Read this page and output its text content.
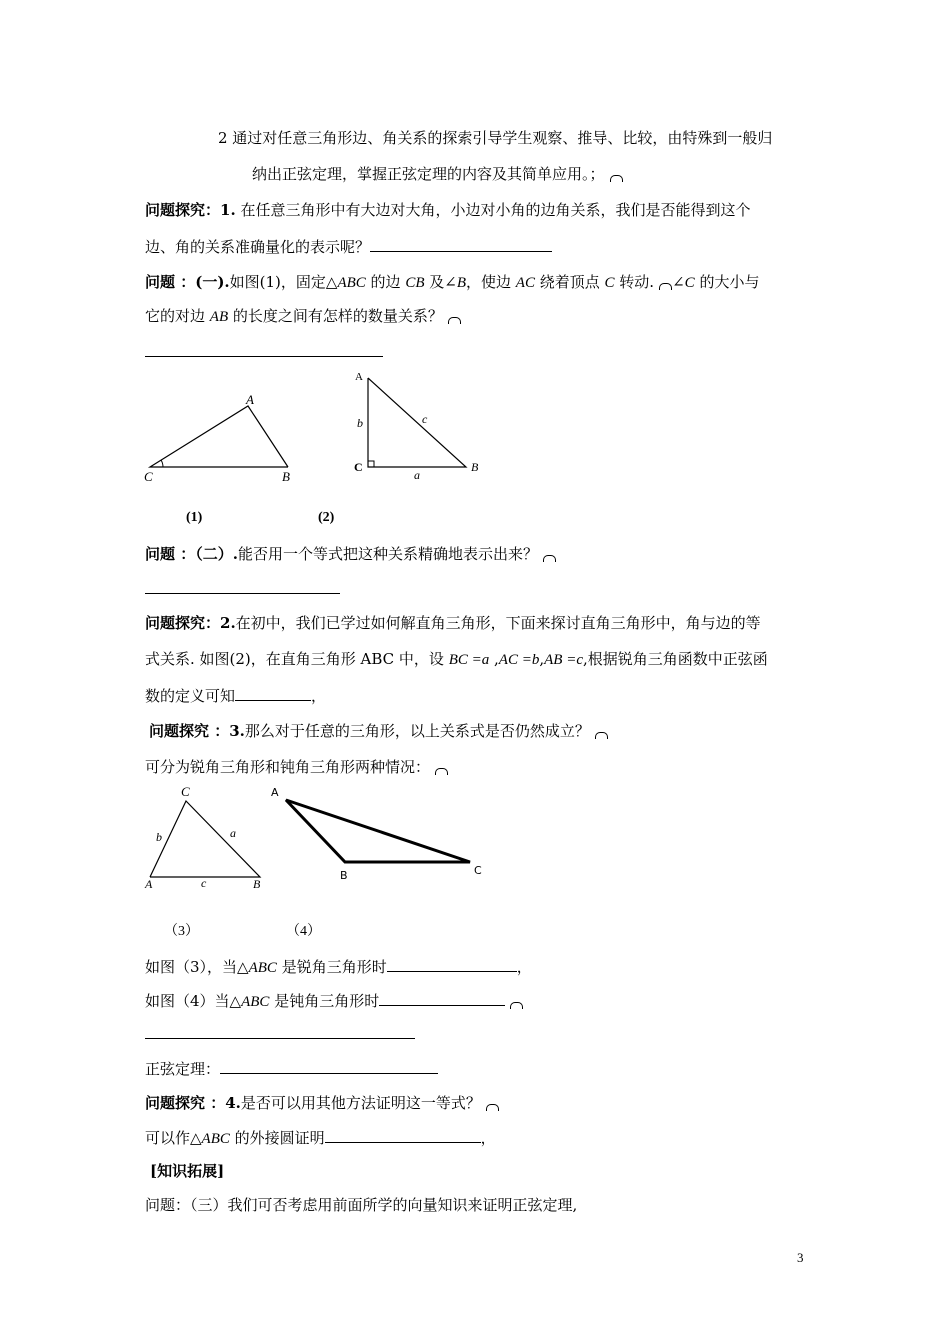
2 通过对任意三角形边、角关系的探索引导学生观察、推导、比较，由特殊到一般归
纳出正弦定理，掌握正弦定理的内容及其简单应用。；
问题探究：1. 在任意三角形中有大边对大角，小边对小角的边角关系，我们是否能得到这个
边、角的关系准确量化的表示呢？
问题 ：(一).如图(1)，固定△ABC 的边 CB 及∠B，使边 AC 绕着顶点 C 转动. ∠C 的大小与
它的对边 AB 的长度之间有怎样的数量关系？
A
C	B
(1)
A
b	c
C
a
B
(2)
问题 ：（二）.能否用一个等式把这种关系精确地表示出来？
问题探究：2.在初中，我们已学过如何解直角三角形，下面来探讨直角三角形中，角与边的等
式关系. 如图(2)，在直角三角形 ABC 中，设 BC =a ,AC =b,AB =c,根据锐角三角函数中正弦函
数的定义可知	，
问题探究 ：3.那么对于任意的三角形，以上关系式是否仍然成立？
可分为锐角三角形和钝角三角形两种情况：
C
b	a
A	c	B
（3）
A
B	C
（4）
如图（3），当△ABC 是锐角三角形时	，
如图（4）当△ABC 是钝角三角形时
正弦定理：
问题探究 ：4.是否可以用其他方法证明这一等式？
可以作△ABC 的外接圆证明	，
[知识拓展]
问题：（三）我们可否考虑用前面所学的向量知识来证明正弦定理,
3
